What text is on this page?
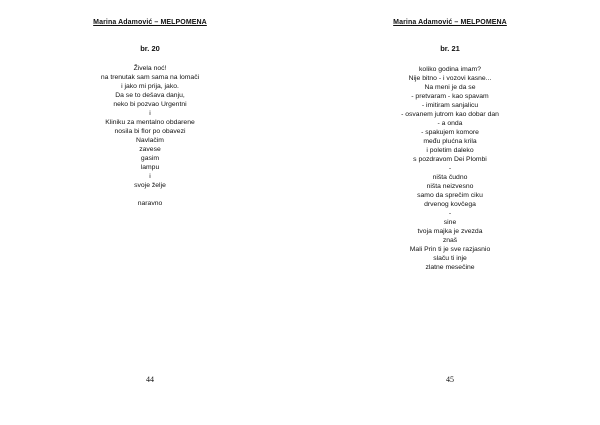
Marina Adamović – MELPOMENA
br. 20
Živela noć!
na trenutak sam sama na lomači
i jako mi prija, jako.
Da se to dešava danju,
neko bi pozvao Urgentni
i
Kliniku za mentalno obdarene
nosila bi flor po obavezi
Navlačim
zavese
gasim
lampu
i
svoje želje
naravno
44
Marina Adamović – MELPOMENA
br. 21
koliko godina imam?
Nije bitno - i vozovi kasne...
Na meni je da se
- pretvaram - kao spavam
- imitiram sanjalicu
- osvanem jutrom kao dobar dan
- a onda
- spakujem komore
među plućna krila
i poletim daleko
s pozdravom Dei Plombi
-
ništa čudno
ništa neizvesno
samo da sprečim ciku
drvenog kovčega
-
sine
tvoja majka je zvezda
znaš
Mali Prin ti je sve razjasnio
slaču ti inje
zlatne mesečine
45
